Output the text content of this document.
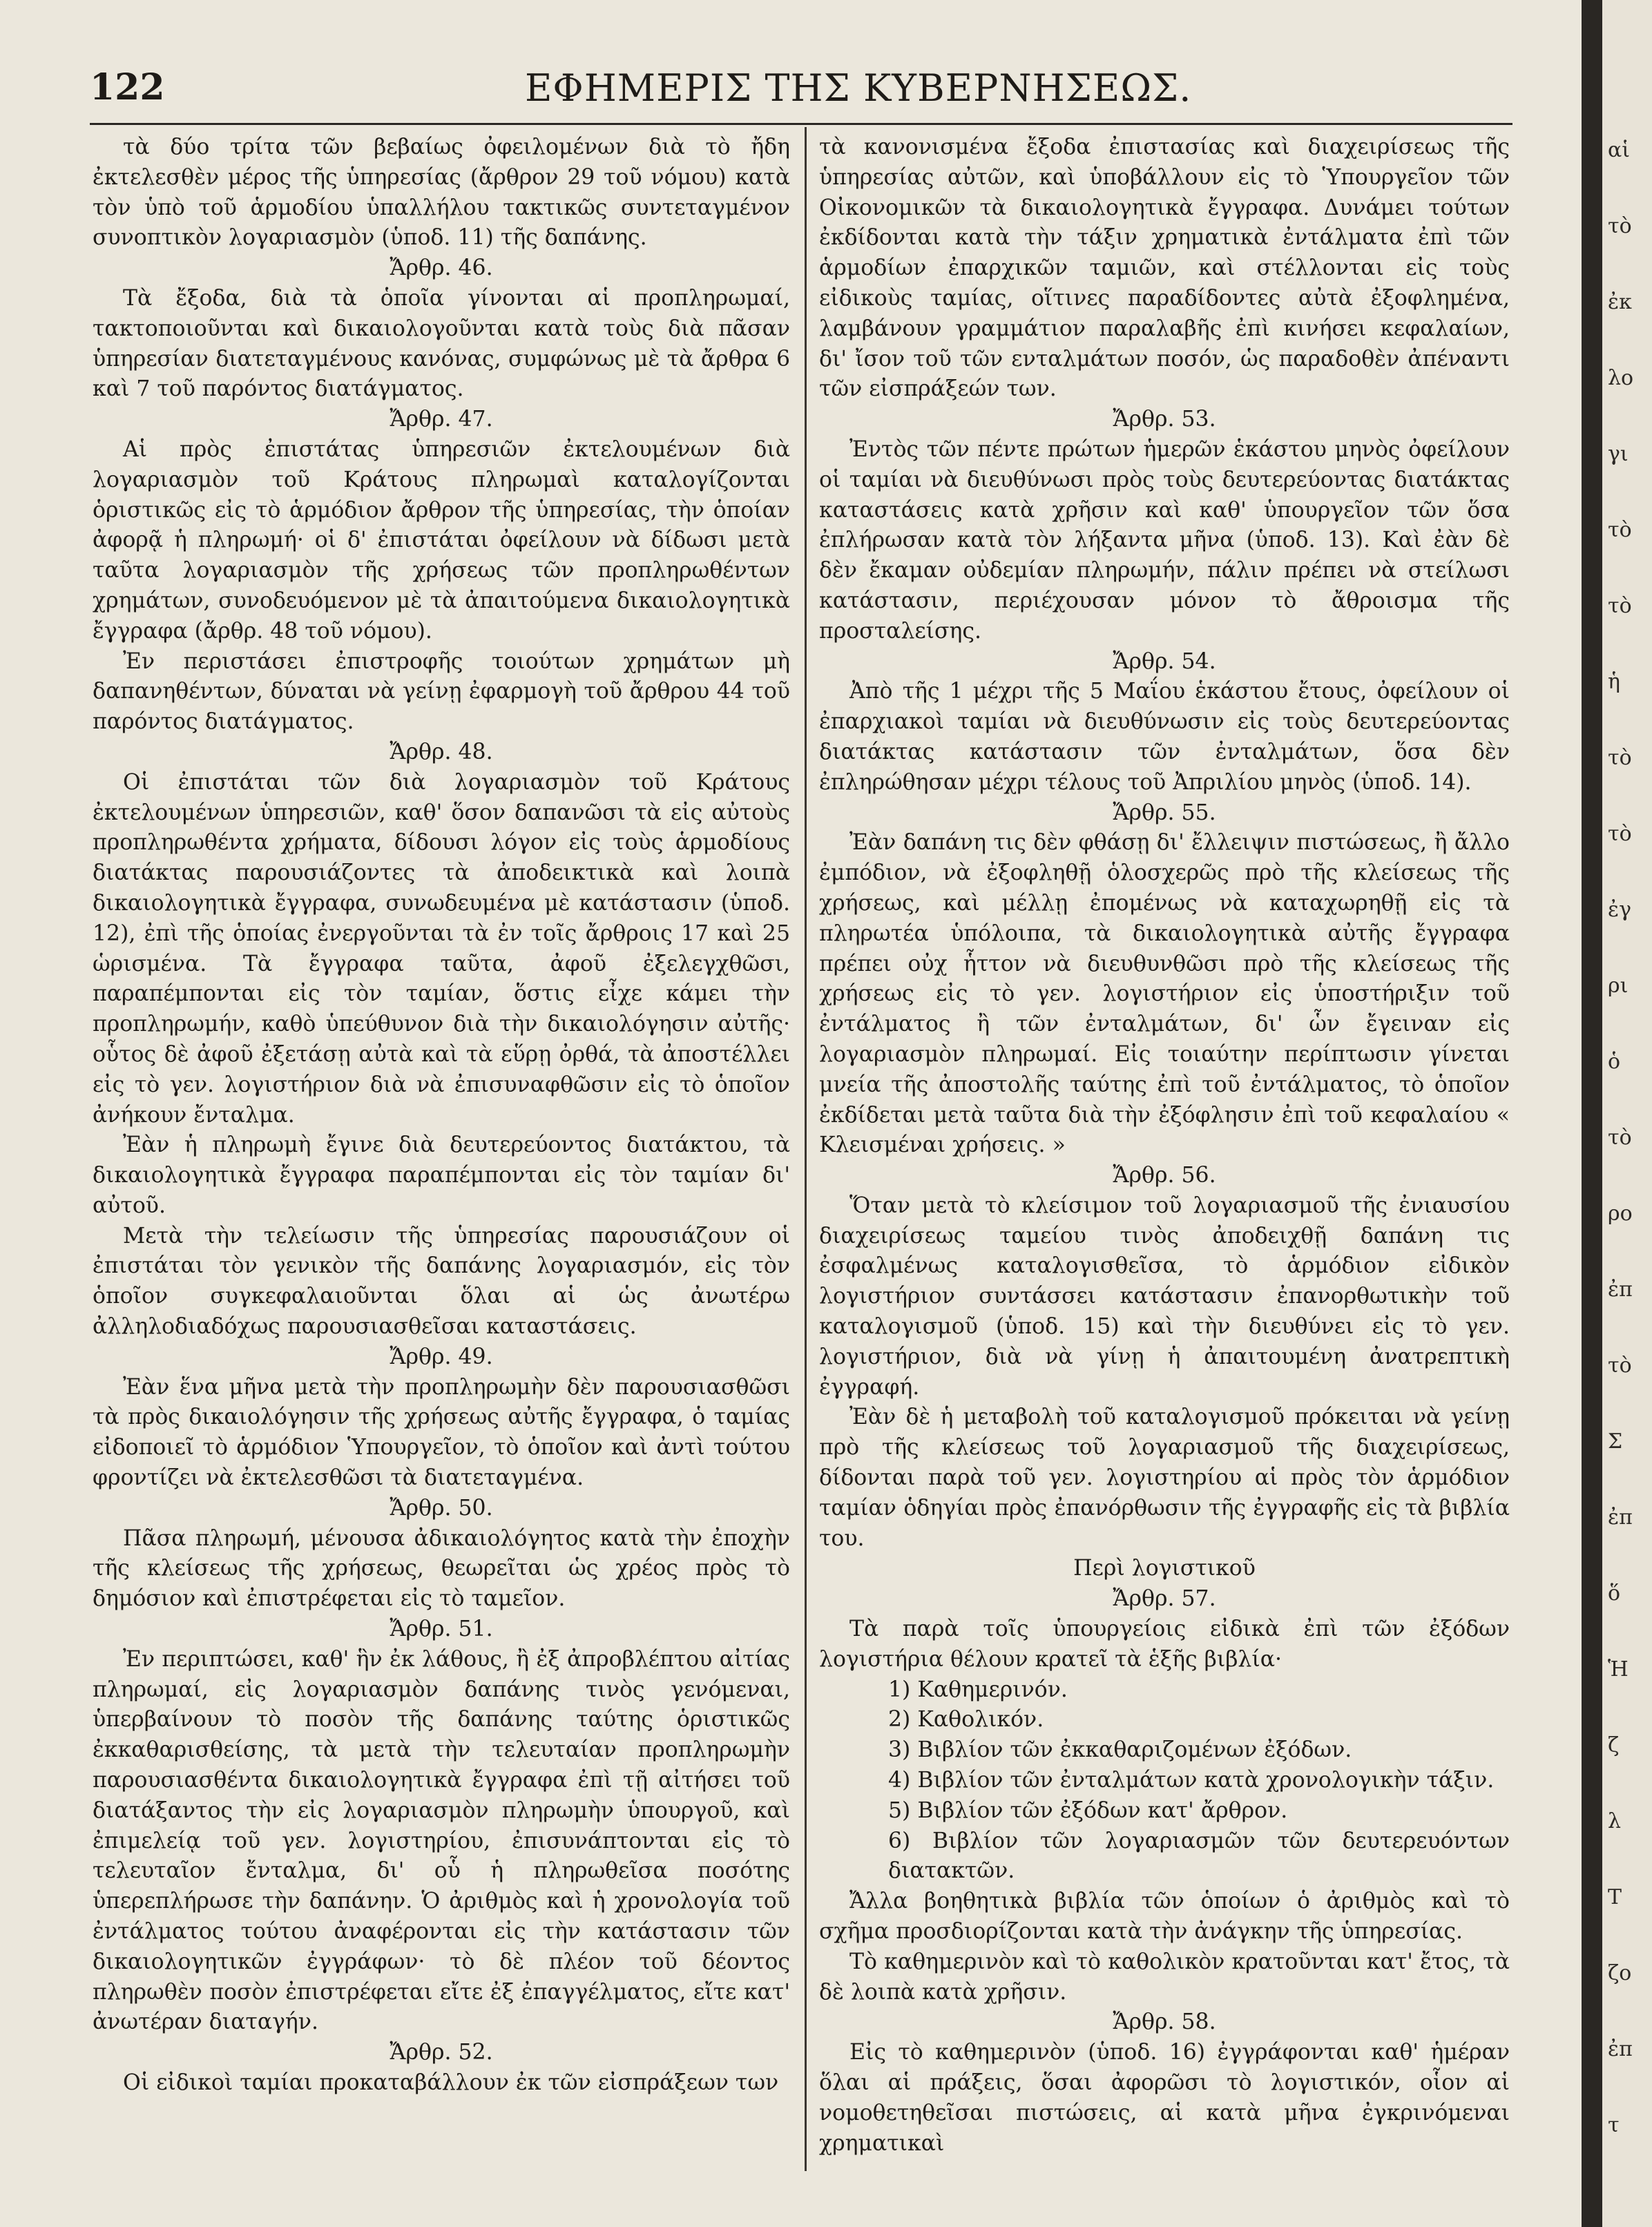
122	ΕΦΗΜΕΡΙΣ ΤΗΣ ΚΥΒΕΡΝΗΣΕΩΣ.

τὰ δύο τρίτα τῶν βεβαίως ὀφειλομένων διὰ τὸ ἤδη ἐκτελεσθὲν μέρος τῆς ὑπηρεσίας (ἄρθρον 29 τοῦ νόμου) κατὰ τὸν ὑπὸ τοῦ ἁρμοδίου ὑπαλλήλου τακτικῶς συντεταγμένον συνοπτικὸν λογαριασμὸν (ὑποδ. 11) τῆς δαπάνης.

Ἄρθρ. 46.

Τὰ ἔξοδα, διὰ τὰ ὁποῖα γίνονται αἱ προπληρωμαί, τακτοποιοῦνται καὶ δικαιολογοῦνται κατὰ τοὺς διὰ πᾶσαν ὑπηρεσίαν διατεταγμένους κανόνας, συμφώνως μὲ τὰ ἄρθρα 6 καὶ 7 τοῦ παρόντος διατάγματος.

Ἄρθρ. 47.

Αἱ πρὸς ἐπιστάτας ὑπηρεσιῶν ἐκτελουμένων διὰ λογαριασμὸν τοῦ Κράτους πληρωμαὶ καταλογίζονται ὁριστικῶς εἰς τὸ ἁρμόδιον ἄρθρον τῆς ὑπηρεσίας, τὴν ὁποίαν ἀφορᾷ ἡ πληρωμή· οἱ δ' ἐπιστάται ὀφείλουν νὰ δίδωσι μετὰ ταῦτα λογαριασμὸν τῆς χρήσεως τῶν προπληρωθέντων χρημάτων, συνοδευόμενον μὲ τὰ ἀπαιτούμενα δικαιολογητικὰ ἔγγραφα (ἄρθρ. 48 τοῦ νόμου).

Ἐν περιστάσει ἐπιστροφῆς τοιούτων χρημάτων μὴ δαπανηθέντων, δύναται νὰ γείνῃ ἐφαρμογὴ τοῦ ἄρθρου 44 τοῦ παρόντος διατάγματος.

Ἄρθρ. 48.

Οἱ ἐπιστάται τῶν διὰ λογαριασμὸν τοῦ Κράτους ἐκτελουμένων ὑπηρεσιῶν, καθ' ὅσον δαπανῶσι τὰ εἰς αὐτοὺς προπληρωθέντα χρήματα, δίδουσι λόγον εἰς τοὺς ἁρμοδίους διατάκτας παρουσιάζοντες τὰ ἀποδεικτικὰ καὶ λοιπὰ δικαιολογητικὰ ἔγγραφα, συνωδευμένα μὲ κατάστασιν (ὑποδ. 12), ἐπὶ τῆς ὁποίας ἐνεργοῦνται τὰ ἐν τοῖς ἄρθροις 17 καὶ 25 ὡρισμένα. Τὰ ἔγγραφα ταῦτα, ἀφοῦ ἐξελεγχθῶσι, παραπέμπονται εἰς τὸν ταμίαν, ὅστις εἶχε κάμει τὴν προπληρωμήν, καθὸ ὑπεύθυνον διὰ τὴν δικαιολόγησιν αὐτῆς· οὗτος δὲ ἀφοῦ ἐξετάσῃ αὐτὰ καὶ τὰ εὕρῃ ὀρθά, τὰ ἀποστέλλει εἰς τὸ γεν. λογιστήριον διὰ νὰ ἐπισυναφθῶσιν εἰς τὸ ὁποῖον ἀνήκουν ἔνταλμα.

Ἐὰν ἡ πληρωμὴ ἔγινε διὰ δευτερεύοντος διατάκτου, τὰ δικαιολογητικὰ ἔγγραφα παραπέμπονται εἰς τὸν ταμίαν δι' αὐτοῦ.

Μετὰ τὴν τελείωσιν τῆς ὑπηρεσίας παρουσιάζουν οἱ ἐπιστάται τὸν γενικὸν τῆς δαπάνης λογαριασμόν, εἰς τὸν ὁποῖον συγκεφαλαιοῦνται ὅλαι αἱ ὡς ἀνωτέρω ἀλληλοδιαδόχως παρουσιασθεῖσαι καταστάσεις.

Ἄρθρ. 49.

Ἐὰν ἕνα μῆνα μετὰ τὴν προπληρωμὴν δὲν παρουσιασθῶσι τὰ πρὸς δικαιολόγησιν τῆς χρήσεως αὐτῆς ἔγγραφα, ὁ ταμίας εἰδοποιεῖ τὸ ἁρμόδιον Ὑπουργεῖον, τὸ ὁποῖον καὶ ἀντὶ τούτου φροντίζει νὰ ἐκτελεσθῶσι τὰ διατεταγμένα.

Ἄρθρ. 50.

Πᾶσα πληρωμή, μένουσα ἀδικαιολόγητος κατὰ τὴν ἐποχὴν τῆς κλείσεως τῆς χρήσεως, θεωρεῖται ὡς χρέος πρὸς τὸ δημόσιον καὶ ἐπιστρέφεται εἰς τὸ ταμεῖον.

Ἄρθρ. 51.

Ἐν περιπτώσει, καθ' ἣν ἐκ λάθους, ἢ ἐξ ἀπροβλέπτου αἰτίας πληρωμαί, εἰς λογαριασμὸν δαπάνης τινὸς γενόμεναι, ὑπερβαίνουν τὸ ποσὸν τῆς δαπάνης ταύτης ὁριστικῶς ἐκκαθαρισθείσης, τὰ μετὰ τὴν τελευταίαν προπληρωμὴν παρουσιασθέντα δικαιολογητικὰ ἔγγραφα ἐπὶ τῇ αἰτήσει τοῦ διατάξαντος τὴν εἰς λογαριασμὸν πληρωμὴν ὑπουργοῦ, καὶ ἐπιμελείᾳ τοῦ γεν. λογιστηρίου, ἐπισυνάπτονται εἰς τὸ τελευταῖον ἔνταλμα, δι' οὗ ἡ πληρωθεῖσα ποσότης ὑπερεπλήρωσε τὴν δαπάνην. Ὁ ἀριθμὸς καὶ ἡ χρονολογία τοῦ ἐντάλματος τούτου ἀναφέρονται εἰς τὴν κατάστασιν τῶν δικαιολογητικῶν ἐγγράφων· τὸ δὲ πλέον τοῦ δέοντος πληρωθὲν ποσὸν ἐπιστρέφεται εἴτε ἐξ ἐπαγγέλματος, εἴτε κατ' ἀνωτέραν διαταγήν.

Ἄρθρ. 52.

Οἱ εἰδικοὶ ταμίαι προκαταβάλλουν ἐκ τῶν εἰσπράξεων των

τὰ κανονισμένα ἔξοδα ἐπιστασίας καὶ διαχειρίσεως τῆς ὑπηρεσίας αὐτῶν, καὶ ὑποβάλλουν εἰς τὸ Ὑπουργεῖον τῶν Οἰκονομικῶν τὰ δικαιολογητικὰ ἔγγραφα. Δυνάμει τούτων ἐκδίδονται κατὰ τὴν τάξιν χρηματικὰ ἐντάλματα ἐπὶ τῶν ἁρμοδίων ἐπαρχικῶν ταμιῶν, καὶ στέλλονται εἰς τοὺς εἰδικοὺς ταμίας, οἵτινες παραδίδοντες αὐτὰ ἐξοφλημένα, λαμβάνουν γραμμάτιον παραλαβῆς ἐπὶ κινήσει κεφαλαίων, δι' ἴσον τοῦ τῶν ενταλμάτων ποσόν, ὡς παραδοθὲν ἀπέναντι τῶν εἰσπράξεών των.

Ἄρθρ. 53.

Ἐντὸς τῶν πέντε πρώτων ἡμερῶν ἑκάστου μηνὸς ὀφείλουν οἱ ταμίαι νὰ διευθύνωσι πρὸς τοὺς δευτερεύοντας διατάκτας καταστάσεις κατὰ χρῆσιν καὶ καθ' ὑπουργεῖον τῶν ὅσα ἐπλήρωσαν κατὰ τὸν λήξαντα μῆνα (ὑποδ. 13). Καὶ ἐὰν δὲ δὲν ἔκαμαν οὐδεμίαν πληρωμήν, πάλιν πρέπει νὰ στείλωσι κατάστασιν, περιέχουσαν μόνον τὸ ἄθροισμα τῆς προσταλείσης.

Ἄρθρ. 54.

Ἀπὸ τῆς 1 μέχρι τῆς 5 Μαΐου ἑκάστου ἔτους, ὀφείλουν οἱ ἐπαρχιακοὶ ταμίαι νὰ διευθύνωσιν εἰς τοὺς δευτερεύοντας διατάκτας κατάστασιν τῶν ἐνταλμάτων, ὅσα δὲν ἐπληρώθησαν μέχρι τέλους τοῦ Ἀπριλίου μηνὸς (ὑποδ. 14).

Ἄρθρ. 55.

Ἐὰν δαπάνη τις δὲν φθάσῃ δι' ἔλλειψιν πιστώσεως, ἢ ἄλλο ἐμπόδιον, νὰ ἐξοφληθῇ ὁλοσχερῶς πρὸ τῆς κλείσεως τῆς χρήσεως, καὶ μέλλῃ ἐπομένως νὰ καταχωρηθῇ εἰς τὰ πληρωτέα ὑπόλοιπα, τὰ δικαιολογητικὰ αὐτῆς ἔγγραφα πρέπει οὐχ ἧττον νὰ διευθυνθῶσι πρὸ τῆς κλείσεως τῆς χρήσεως εἰς τὸ γεν. λογιστήριον εἰς ὑποστήριξιν τοῦ ἐντάλματος ἢ τῶν ἐνταλμάτων, δι' ὧν ἔγειναν εἰς λογαριασμὸν πληρωμαί. Εἰς τοιαύτην περίπτωσιν γίνεται μνεία τῆς ἀποστολῆς ταύτης ἐπὶ τοῦ ἐντάλματος, τὸ ὁποῖον ἐκδίδεται μετὰ ταῦτα διὰ τὴν ἐξόφλησιν ἐπὶ τοῦ κεφαλαίου « Κλεισμέναι χρήσεις. »

Ἄρθρ. 56.

Ὅταν μετὰ τὸ κλείσιμον τοῦ λογαριασμοῦ τῆς ἐνιαυσίου διαχειρίσεως ταμείου τινὸς ἀποδειχθῇ δαπάνη τις ἐσφαλμένως καταλογισθεῖσα, τὸ ἁρμόδιον εἰδικὸν λογιστήριον συντάσσει κατάστασιν ἐπανορθωτικὴν τοῦ καταλογισμοῦ (ὑποδ. 15) καὶ τὴν διευθύνει εἰς τὸ γεν. λογιστήριον, διὰ νὰ γίνῃ ἡ ἀπαιτουμένη ἀνατρεπτικὴ ἐγγραφή.

Ἐὰν δὲ ἡ μεταβολὴ τοῦ καταλογισμοῦ πρόκειται νὰ γείνῃ πρὸ τῆς κλείσεως τοῦ λογαριασμοῦ τῆς διαχειρίσεως, δίδονται παρὰ τοῦ γεν. λογιστηρίου αἱ πρὸς τὸν ἁρμόδιον ταμίαν ὁδηγίαι πρὸς ἐπανόρθωσιν τῆς ἐγγραφῆς εἰς τὰ βιβλία του.

Περὶ λογιστικοῦ

Ἄρθρ. 57.

Τὰ παρὰ τοῖς ὑπουργείοις εἰδικὰ ἐπὶ τῶν ἐξόδων λογιστήρια θέλουν κρατεῖ τὰ ἑξῆς βιβλία·

1) Καθημερινόν.

2) Καθολικόν.

3) Βιβλίον τῶν ἐκκαθαριζομένων ἐξόδων.

4) Βιβλίον τῶν ἐνταλμάτων κατὰ χρονολογικὴν τάξιν.

5) Βιβλίον τῶν ἐξόδων κατ' ἄρθρον.

6) Βιβλίον τῶν λογαριασμῶν τῶν δευτερευόντων διατακτῶν.

Ἄλλα βοηθητικὰ βιβλία τῶν ὁποίων ὁ ἀριθμὸς καὶ τὸ σχῆμα προσδιορίζονται κατὰ τὴν ἀνάγκην τῆς ὑπηρεσίας.

Τὸ καθημερινὸν καὶ τὸ καθολικὸν κρατοῦνται κατ' ἔτος, τὰ δὲ λοιπὰ κατὰ χρῆσιν.

Ἄρθρ. 58.

Εἰς τὸ καθημερινὸν (ὑποδ. 16) ἐγγράφονται καθ' ἡμέραν ὅλαι αἱ πράξεις, ὅσαι ἀφορῶσι τὸ λογιστικόν, οἷον αἱ νομοθετηθεῖσαι πιστώσεις, αἱ κατὰ μῆνα ἐγκρινόμεναι χρηματικαὶ

αἱ
τὸ
ἐκ
λο
γι
τὸ
τὸ
ἡ
τὸ
τὸ
ἐγ
ρι
ὁ
τὸ
ρο
ἐπ
τὸ
Σ
ἐπ
ὅ
Ἡ
ζ
λ
Τ
ζο
ἐπ
τ
